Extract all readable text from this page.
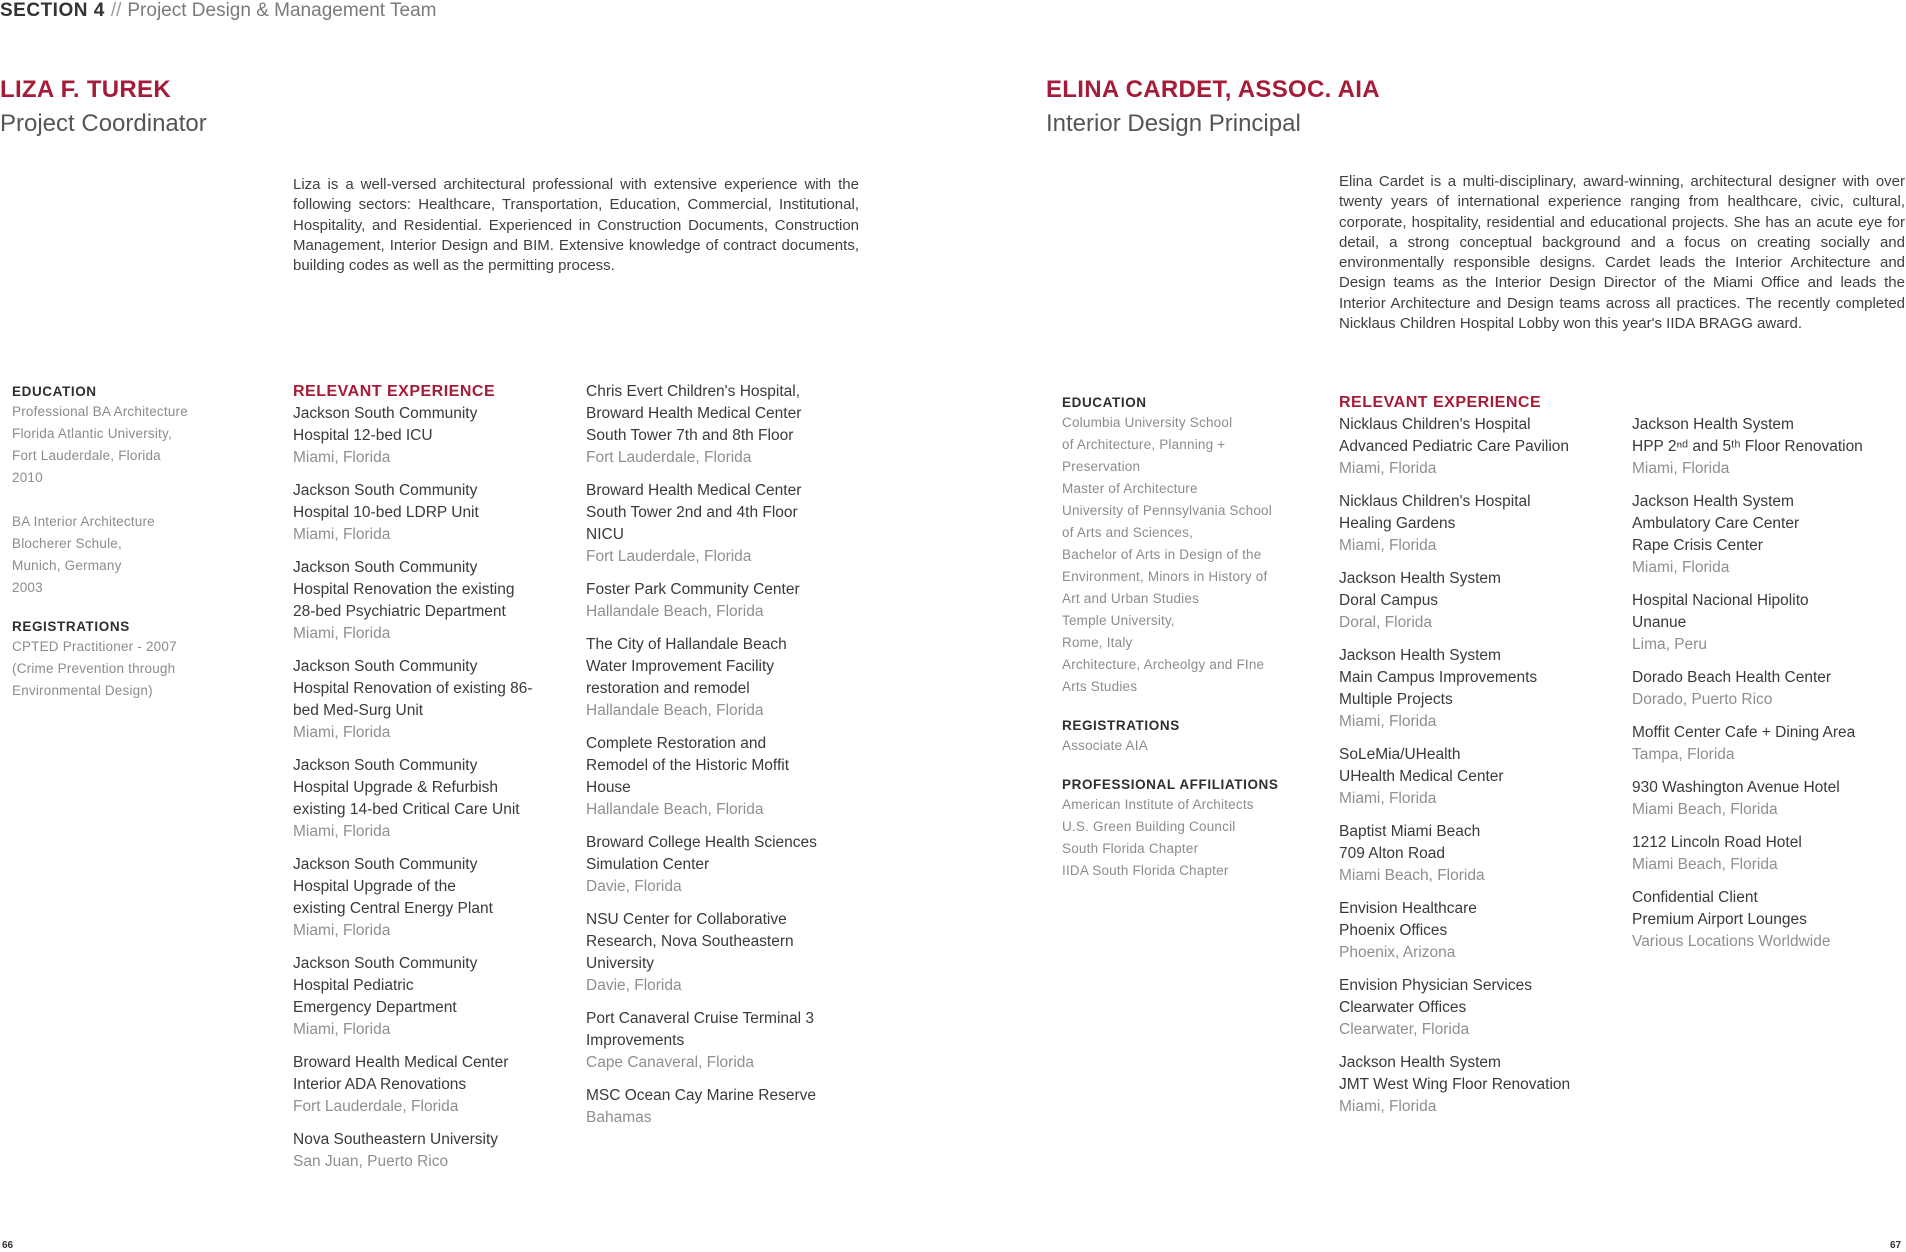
SECTION 4 // Project Design & Management Team
LIZA F. TUREK
Project Coordinator
Liza is a well-versed architectural professional with extensive experience with the following sectors: Healthcare, Transportation, Education, Commercial, Institutional, Hospitality, and Residential. Experienced in Construction Documents, Construction Management, Interior Design and BIM. Extensive knowledge of contract documents, building codes as well as the permitting process.
EDUCATION
Professional BA Architecture
Florida Atlantic University,
Fort Lauderdale, Florida
2010
BA Interior Architecture
Blocherer Schule,
Munich, Germany
2003
REGISTRATIONS
CPTED Practitioner - 2007
(Crime Prevention through
Environmental Design)
RELEVANT EXPERIENCE
Jackson South Community
Hospital 12-bed ICU
Miami, Florida
Jackson South Community
Hospital 10-bed LDRP Unit
Miami, Florida
Jackson South Community
Hospital Renovation the existing
28-bed Psychiatric Department
Miami, Florida
Jackson South Community
Hospital Renovation of existing 86-
bed Med-Surg Unit
Miami, Florida
Jackson South Community
Hospital Upgrade & Refurbish
existing 14-bed Critical Care Unit
Miami, Florida
Jackson South Community
Hospital Upgrade of the
existing Central Energy Plant
Miami, Florida
Jackson South Community
Hospital Pediatric
Emergency Department
Miami, Florida
Broward Health Medical Center
Interior ADA Renovations
Fort Lauderdale, Florida
Nova Southeastern University
San Juan, Puerto Rico
Chris Evert Children's Hospital,
Broward Health Medical Center
South Tower 7th and 8th Floor
Fort Lauderdale, Florida
Broward Health Medical Center
South Tower 2nd and 4th Floor
NICU
Fort Lauderdale, Florida
Foster Park Community Center
Hallandale Beach, Florida
The City of Hallandale Beach
Water Improvement Facility
restoration and remodel
Hallandale Beach, Florida
Complete Restoration and
Remodel of the Historic Moffit
House
Hallandale Beach, Florida
Broward College Health Sciences
Simulation Center
Davie, Florida
NSU Center for Collaborative
Research, Nova Southeastern
University
Davie, Florida
Port Canaveral Cruise Terminal 3
Improvements
Cape Canaveral, Florida
MSC Ocean Cay Marine Reserve
Bahamas
66
ELINA CARDET, ASSOC. AIA
Interior Design Principal
Elina Cardet is a multi-disciplinary, award-winning, architectural designer with over twenty years of international experience ranging from healthcare, civic, cultural, corporate, hospitality, residential and educational projects. She has an acute eye for detail, a strong conceptual background and a focus on creating socially and environmentally responsible designs. Cardet leads the Interior Architecture and Design teams as the Interior Design Director of the Miami Office and leads the Interior Architecture and Design teams across all practices. The recently completed Nicklaus Children Hospital Lobby won this year's IIDA BRAGG award.
EDUCATION
Columbia University School
of Architecture, Planning +
Preservation
Master of Architecture
University of Pennsylvania School
of Arts and Sciences,
Bachelor of Arts in Design of the
Environment, Minors in History of
Art and Urban Studies
Temple University,
Rome, Italy
Architecture, Archeolgy and FIne
Arts Studies
REGISTRATIONS
Associate AIA
PROFESSIONAL AFFILIATIONS
American Institute of Architects
U.S. Green Building Council
South Florida Chapter
IIDA South Florida Chapter
RELEVANT EXPERIENCE
Nicklaus Children's Hospital
Advanced Pediatric Care Pavilion
Miami, Florida
Nicklaus Children's Hospital
Healing Gardens
Miami, Florida
Jackson Health System
Doral Campus
Doral, Florida
Jackson Health System
Main Campus Improvements
Multiple Projects
Miami, Florida
SoLeMia/UHealth
UHealth Medical Center
Miami, Florida
Baptist Miami Beach
709 Alton Road
Miami Beach, Florida
Envision Healthcare
Phoenix Offices
Phoenix, Arizona
Envision Physician Services
Clearwater Offices
Clearwater, Florida
Jackson Health System
JMT West Wing Floor Renovation
Miami, Florida
Jackson Health System
HPP 2ⁿᵈ and 5ᵗʰ Floor Renovation
Miami, Florida
Jackson Health System
Ambulatory Care Center
Rape Crisis Center
Miami, Florida
Hospital Nacional Hipolito
Unanue
Lima, Peru
Dorado Beach Health Center
Dorado, Puerto Rico
Moffit Center Cafe + Dining Area
Tampa, Florida
930 Washington Avenue Hotel
Miami Beach, Florida
1212 Lincoln Road Hotel
Miami Beach, Florida
Confidential Client
Premium Airport Lounges
Various Locations Worldwide
67
